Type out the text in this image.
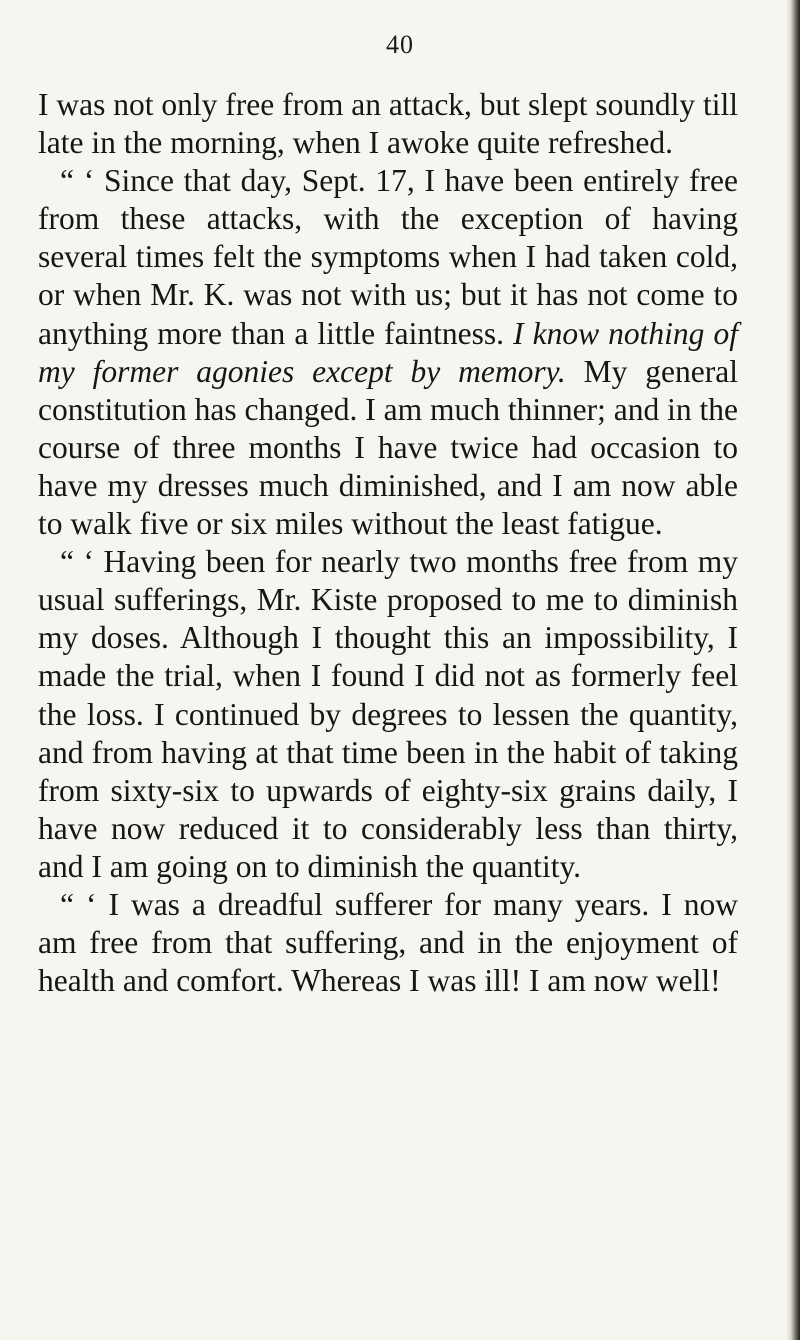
40

I was not only free from an attack, but slept soundly till late in the morning, when I awoke quite refreshed.

“ ‘ Since that day, Sept. 17, I have been entirely free from these attacks, with the exception of having several times felt the symptoms when I had taken cold, or when Mr. K. was not with us; but it has not come to anything more than a little faintness. I know nothing of my former agonies except by memory. My general constitution has changed. I am much thinner; and in the course of three months I have twice had occasion to have my dresses much diminished, and I am now able to walk five or six miles without the least fatigue.

“ ‘ Having been for nearly two months free from my usual sufferings, Mr. Kiste proposed to me to diminish my doses. Although I thought this an impossibility, I made the trial, when I found I did not as formerly feel the loss. I continued by degrees to lessen the quantity, and from having at that time been in the habit of taking from sixty-six to upwards of eighty-six grains daily, I have now reduced it to considerably less than thirty, and I am going on to diminish the quantity.

“ ‘ I was a dreadful sufferer for many years. I now am free from that suffering, and in the enjoyment of health and comfort. Whereas I was ill! I am now well!
